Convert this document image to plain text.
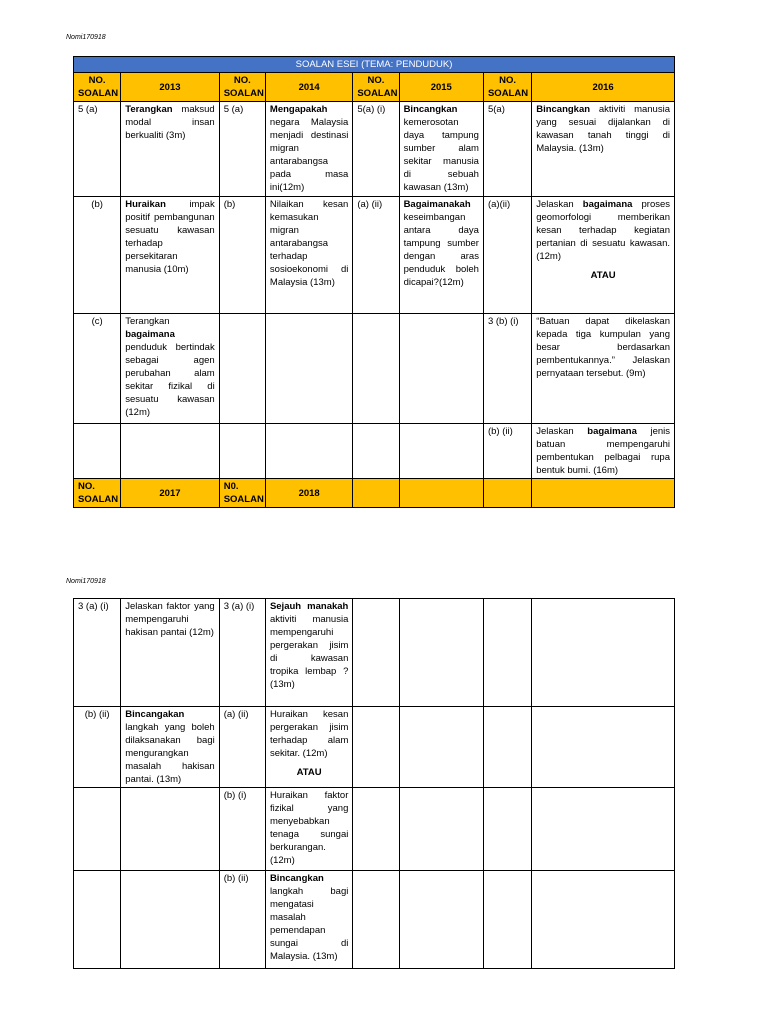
Nomi170918
SOALAN ESEI (TEMA: PENDUDUK)							
NO. SOALAN	2013	NO. SOALAN	2014	NO. SOALAN	2015	NO. SOALAN	2016
5 (a)	Terangkan maksud modal insan berkualiti (3m)	5 (a)	Mengapakah negara Malaysia menjadi destinasi migran antarabangsa pada masa ini(12m)	5(a) (i)	Bincangkan kemerosotan daya tampung sumber alam sekitar manusia di sebuah kawasan (13m)	5(a)	Bincangkan aktiviti manusia yang sesuai dijalankan di kawasan tanah tinggi di Malaysia. (13m)
(b)	Huraikan impak positif pembangunan sesuatu kawasan terhadap persekitaran manusia (10m)	(b)	Nilaikan kesan kemasukan migran antarabangsa terhadap sosioekonomi di Malaysia (13m)	(a) (ii)	Bagaimanakah keseimbangan antara daya tampung sumber dengan aras penduduk boleh dicapai?(12m)	(a)(ii)	Jelaskan bagaimana proses geomorfologi memberikan kesan terhadap kegiatan pertanian di sesuatu kawasan. (12m)
ATAU

(c)	Terangkan bagaimana penduduk bertindak sebagai agen perubahan alam sekitar fizikal di sesuatu kawasan (12m)					3 (b) (i)	“Batuan dapat dikelaskan kepada tiga kumpulan yang besar berdasarkan pembentukannya.” Jelaskan pernyataan tersebut. (9m)
						(b) (ii)	Jelaskan bagaimana jenis batuan mempengaruhi pembentukan pelbagai rupa bentuk bumi. (16m)
NO. SOALAN	2017	N0. SOALAN	2018				
Nomi170918
3 (a) (i)	Jelaskan faktor yang mempengaruhi hakisan pantai (12m)	3 (a) (i)	Sejauh manakah aktiviti manusia mempengaruhi pergerakan jisim di kawasan tropika lembap ? (13m)				
(b) (ii)	Bincangakan langkah yang boleh dilaksanakan bagi mengurangkan masalah hakisan pantai. (13m)	(a) (ii)	Huraikan kesan pergerakan jisim terhadap alam sekitar. (12m)
ATAU				

		(b) (i)	Huraikan faktor fizikal yang menyebabkan tenaga sungai berkurangan. (12m)				
		(b) (ii)	Bincangkan langkah bagi mengatasi masalah pemendapan sungai di Malaysia. (13m)				
